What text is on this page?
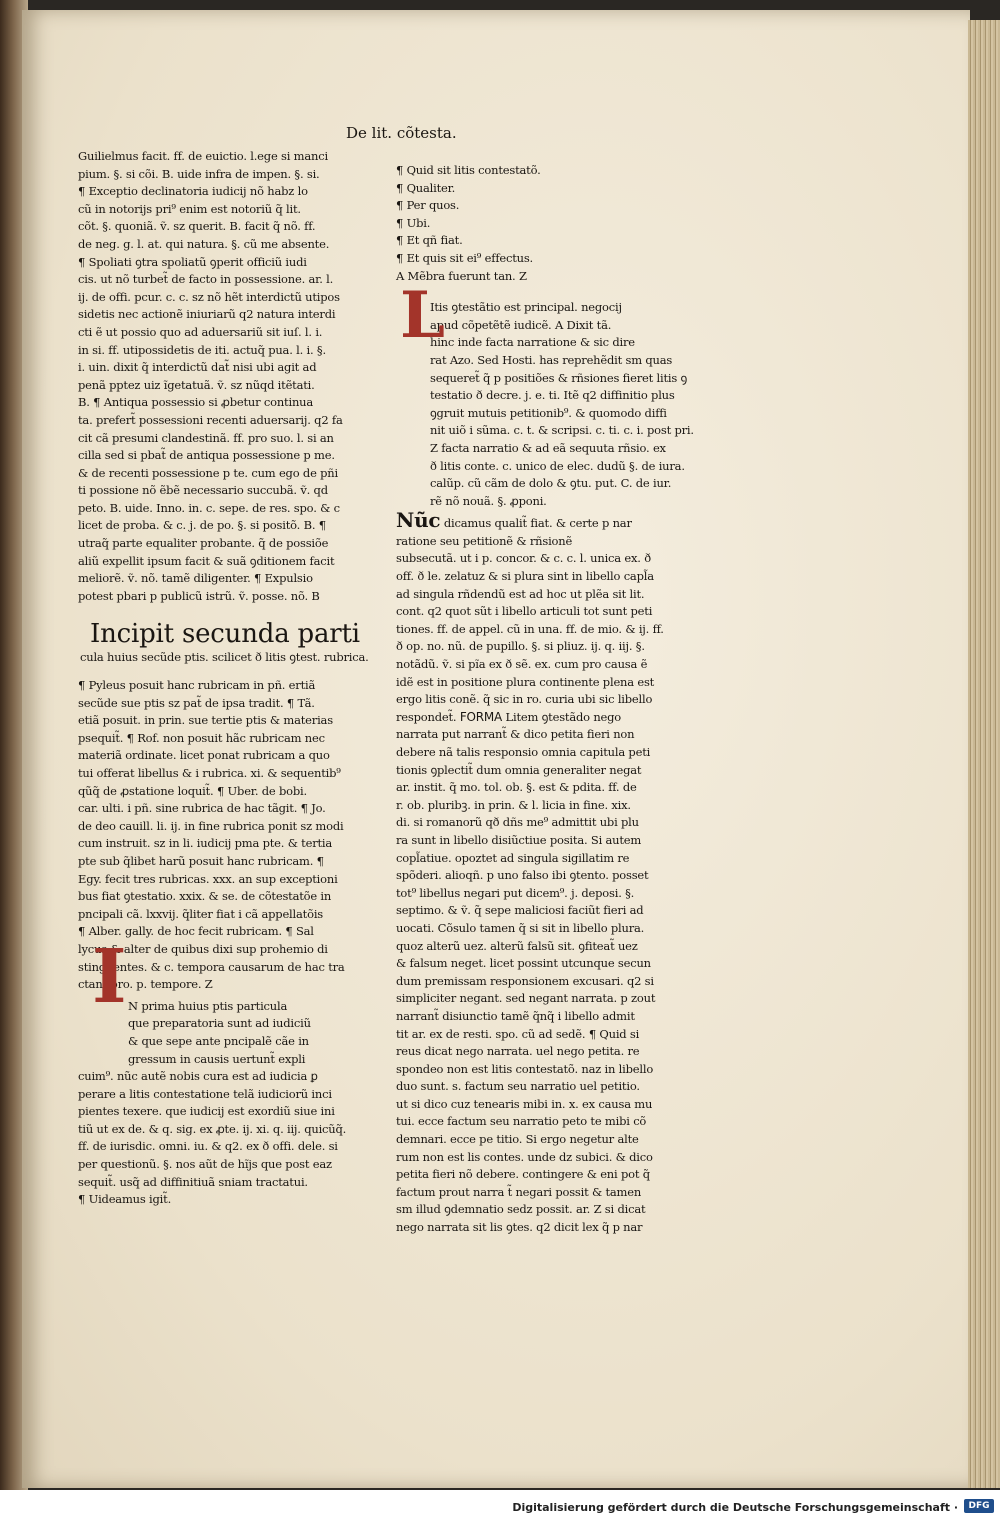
De lit. cõtesta.
Guilielmus facit. ff. de euictio. l.ege si manci
pium. §. si cõi. B. uide infra de impen. §. si.
¶ Exceptio declinatoria iudicij nõ habz lo
cũ in notorijs pri⁹ enim est notoriũ q̃ lit.
cõt. §. quoniã. ṽ. sz querit. B. facit q̃ nõ. ff.
de neg. g. l. at. qui natura. §. cũ me absente.
¶ Spoliati ꝯtra spoliatũ ꝯperit officiũ iudi
cis. ut nõ turbet̃ de facto in possessione. ar. l.
ij. de offi. pcur. c. c. sz nõ hẽt interdictũ utipos
sidetis nec actionẽ iniuriarũ q2 natura interdi
cti ẽ ut possio quo ad aduersariũ sit iuſ. l. i.
in si. ff. utipossidetis de iti. actuq̃ pua. l. i. §.
i. uin. dixit q̃ interdictũ dat̃ nisi ubi agit ad
penã pptez uiz ĩgetatuã. ṽ. sz nũqd itẽtati.
B. ¶ Antiqua possessio si ꝓbetur continua
ta. prefert̃ possessioni recenti aduersarij. q2 fa
cit cã presumi clandestinã. ff. pro suo. l. si an
cilla sed si pbat̃ de antiqua possessione p me.
& de recenti possessione p te. cum ego de pñi
ti possione nõ ẽbẽ necessario succubã. ṽ. qd
peto. B. uide. Inno. in. c. sepe. de res. spo. & c
licet de proba. & c. j. de po. §. si positõ. B. ¶
utraq̃ parte equaliter probante. q̃ de possiõe
aliũ expellit ipsum facit & suã ꝯditionem facit
meliorẽ. ṽ. nõ. tamẽ diligenter. ¶ Expulsio
potest pbari p publicũ istrũ. ṽ. posse. nõ. B
Incipit secunda parti
cula huius secũde ptis. scilicet ð litis ꝯtest. rubrica.
¶ Pyleus posuit hanc rubricam in pñ. ertiã
secũde sue ptis sz pat̃ de ipsa tradit. ¶ Tã.
etiã posuit. in prin. sue tertie ptis & materias
psequit̃. ¶ Rof. non posuit hãc rubricam nec
materiã ordinate. licet ponat rubricam a quo
tui offerat libellus & i rubrica. xi. & sequentib⁹
qũq̃ de ꝓstatione loquit̃. ¶ Uber. de bobi.
car. ulti. i pñ. sine rubrica de hac tãgit. ¶ Jo.
de deo cauill. li. ij. in fine rubrica ponit sz modi
cum instruit. sz in li. iudicij pma pte. & tertia
pte sub q̃libet harũ posuit hanc rubricam. ¶
Egy. fecit tres rubricas. xxx. an sup exceptioni
bus fiat ꝯtestatio. xxix. & se. de cõtestatõe in
pncipali cã. lxxvij. q̃liter fiat i cã appellatõis
¶ Alber. gally. de hoc fecit rubricam. ¶ Sal
lycus & alter de quibus dixi sup prohemio di
stinguentes. & c. tempora causarum de hac tra
ctant pro. p. tempore. Z
N prima huius ptis particula
que preparatoria sunt ad iudiciũ
& que sepe ante pncipalẽ cãe in
gressum in causis uertunt̃ expli
cuim⁹. nũc autẽ nobis cura est ad iudicia ꝑ
perare a litis contestatione telã iudiciorũ inci
pientes texere. que iudicij est exordiũ siue ini
tiũ ut ex de. & q. sig. ex ꝓte. ij. xi. q. iij. quicũq̃.
ff. de iurisdic. omni. iu. & q2. ex ð offi. dele. si
per questionũ. §. nos aũt de hĩjs que post eaz
sequit̃. usq̃ ad diffinitiuã sniam tractatui.
¶ Uideamus igit̃.
I
¶ Quid sit litis contestatõ.
¶ Qualiter.
¶ Per quos.
¶ Ubi.
¶ Et qñ fiat.
¶ Et quis sit ei⁹ effectus.
A Mẽbra fuerunt tan. Z
Itis ꝯtestãtio est principal. negocij
apud cõpetẽtẽ iudicẽ. A Dixit tã.
hinc inde facta narratione & sic dire
rat Azo. Sed Hosti. has reprehẽdit sm quas
sequeret̃ q̃ p positiões & rñsiones fieret litis ꝯ
testatio ð decre. j. e. ti. Itẽ q2 diffinitio plus
ꝯgruit mutuis petitionib⁹. & quomodo diffi
nit uiõ i sũma. c. t. & scripsi. c. ti. c. i. post pri.
Z facta narratio & ad eã sequuta rñsio. ex
ð litis conte. c. unico de elec. dudũ §. de iura.
calũp. cũ cãm de dolo & ꝯtu. put. C. de iur.
rẽ nõ nouã. §. ꝓponi.
Nũc dicamus qualit̃ fiat. & certe p nar
ratione seu petitionẽ & rñsionẽ
subsecutã. ut i p. concor. & c. c. l. unica ex. ð
off. ð le. zelatuz & si plura sint in libello capl̃a
ad singula rñdendũ est ad hoc ut plẽa sit lit.
cont. q2 quot sũt i libello articuli tot sunt peti
tiones. ff. de appel. cũ in una. ff. de mio. & ij. ff.
ð op. no. nũ. de pupillo. §. si pliuz. ij. q. iij. §.
notãdũ. ṽ. si pĩa ex ð sẽ. ex. cum pro causa ẽ
idẽ est in positione plura continente plena est
ergo litis conẽ. q̃ sic in ro. curia ubi sic libello
respondet̃. FORMA Litem ꝯtestãdo nego
narrata put narrant̃ & dico petita fieri non
debere nã talis responsio omnia capitula peti
tionis ꝯplectit̃ dum omnia generaliter negat
ar. instit. q̃ mo. tol. ob. §. est & pdita. ff. de
r. ob. pluribꝫ. in prin. & l. licia in fine. xix.
di. si romanorũ qð dñs me⁹ admittit ubi plu
ra sunt in libello disiũctiue posita. Si autem
copl̃atiue. opoztet ad singula sigillatim re
spõderi. alioqñ. p uno falso ibi ꝯtento. posset
tot⁹ libellus negari put dicem⁹. j. deposi. §.
septimo. & ṽ. q̃ sepe maliciosi faciũt fieri ad
uocati. Cõsulo tamen q̃ si sit in libello plura.
quoz alterũ uez. alterũ falsũ sit. ꝯfiteat̃ uez
& falsum neget. licet possint utcunque secun
dum premissam responsionem excusari. q2 si
simpliciter negant. sed negant narrata. p zout
narrant̃ disiunctio tamẽ q̃nq̃ i libello admit
tit ar. ex de resti. spo. cũ ad sedẽ. ¶ Quid si
reus dicat nego narrata. uel nego petita. re
spondeo non est litis contestatõ. naz in libello
duo sunt. s. factum seu narratio uel petitio.
ut si dico cuz tenearis mibi in. x. ex causa mu
tui. ecce factum seu narratio peto te mibi cõ
demnari. ecce pe titio. Si ergo negetur alte
rum non est lis contes. unde dz subici. & dico
petita fieri nõ debere. contingere & eni pot q̃
factum prout narra t̃ negari possit & tamen
sm illud ꝯdemnatio sedz possit. ar. Z si dicat
nego narrata sit lis ꝯtes. q2 dicit lex q̃ p nar
L
Digitalisierung gefördert durch die Deutsche Forschungsgemeinschaft ·	DFG
